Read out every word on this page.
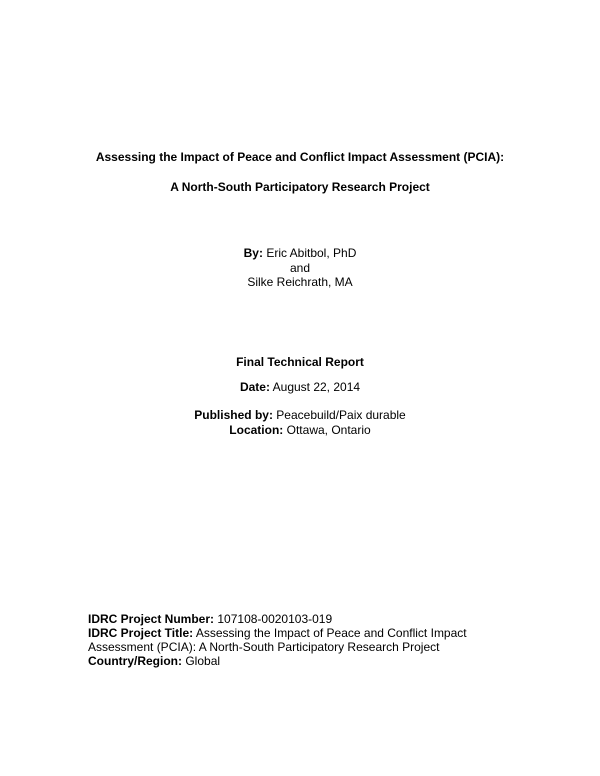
Assessing the Impact of Peace and Conflict Impact Assessment (PCIA):
A North-South Participatory Research Project
By: Eric Abitbol, PhD
and
Silke Reichrath, MA
Final Technical Report
Date: August 22, 2014
Published by: Peacebuild/Paix durable
Location: Ottawa, Ontario
IDRC Project Number: 107108-0020103-019
IDRC Project Title: Assessing the Impact of Peace and Conflict Impact
Assessment (PCIA): A North-South Participatory Research Project
Country/Region: Global
